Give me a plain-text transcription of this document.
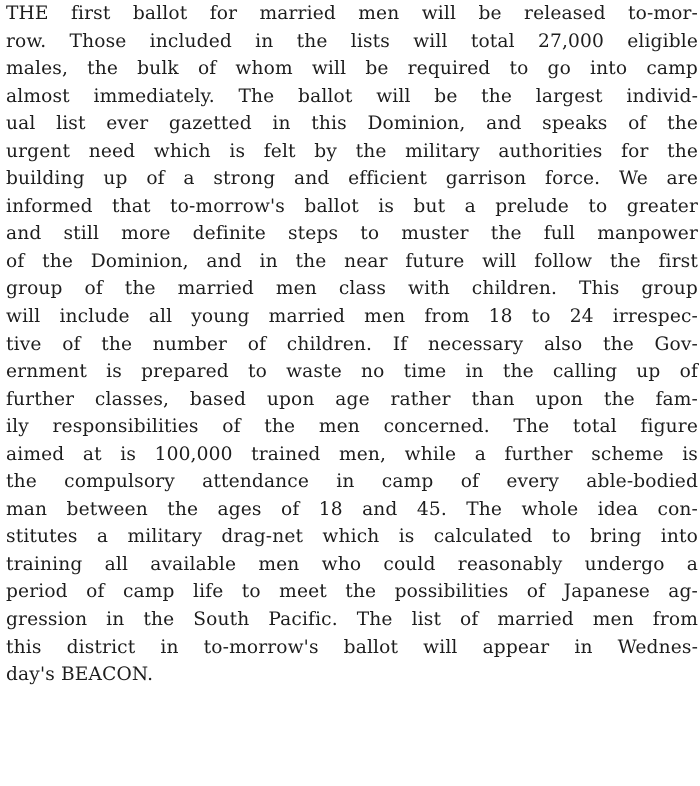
THE first ballot for married men will be released to-mor-
row. Those included in the lists will total 27,000 eligible
males, the bulk of whom will be required to go into camp
almost immediately. The ballot will be the largest individ-
ual list ever gazetted in this Dominion, and speaks of the
urgent need which is felt by the military authorities for the
building up of a strong and efficient garrison force. We are
informed that to-morrow's ballot is but a prelude to greater
and still more definite steps to muster the full manpower
of the Dominion, and in the near future will follow the first
group of the married men class with children. This group
will include all young married men from 18 to 24 irrespec-
tive of the number of children. If necessary also the Gov-
ernment is prepared to waste no time in the calling up of
further classes, based upon age rather than upon the fam-
ily responsibilities of the men concerned. The total figure
aimed at is 100,000 trained men, while a further scheme is
the compulsory attendance in camp of every able-bodied
man between the ages of 18 and 45. The whole idea con-
stitutes a military drag-net which is calculated to bring into
training all available men who could reasonably undergo a
period of camp life to meet the possibilities of Japanese ag-
gression in the South Pacific. The list of married men from
this district in to-morrow's ballot will appear in Wednes-
day's BEACON.
